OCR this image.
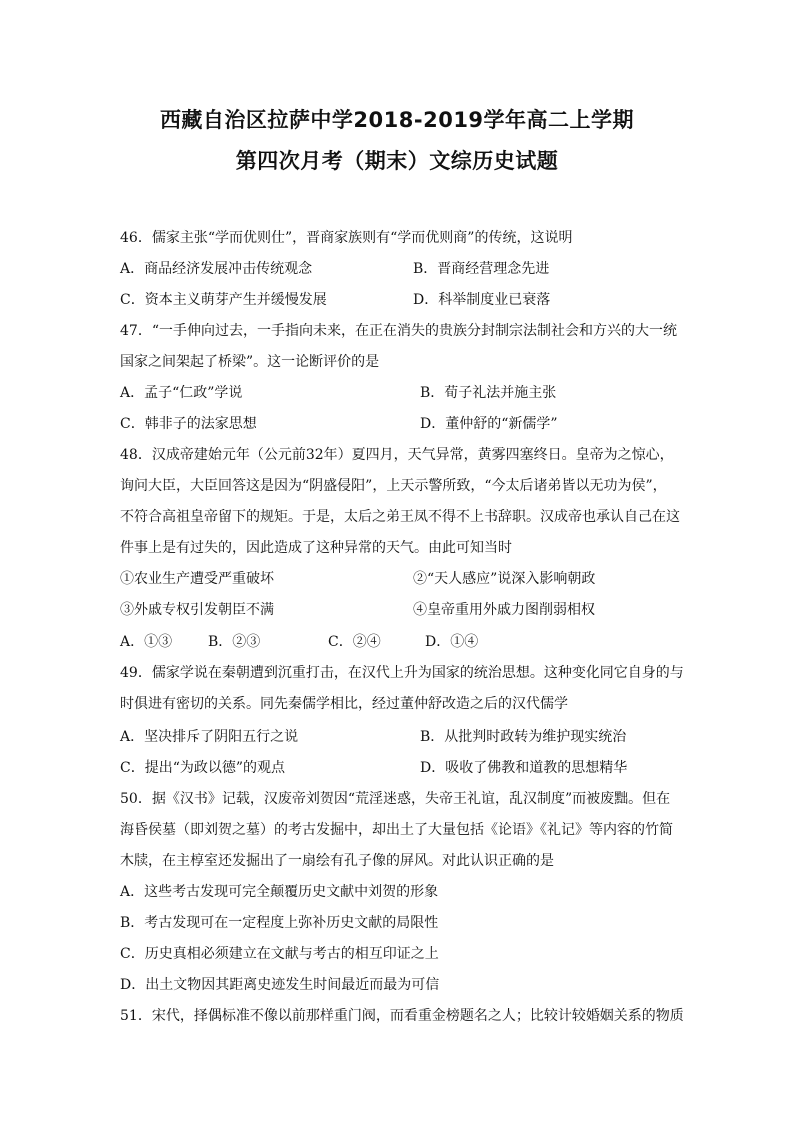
西藏自治区拉萨中学2018-2019学年高二上学期
第四次月考（期末）文综历史试题
46．儒家主张“学而优则仕”，晋商家族则有“学而优则商”的传统，这说明
A．商品经济发展冲击传统观念	B．晋商经营理念先进
C．资本主义萌芽产生并缓慢发展	D．科举制度业已衰落
47．“一手伸向过去，一手指向未来，在正在消失的贵族分封制宗法制社会和方兴的大一统
国家之间架起了桥梁”。这一论断评价的是
A．孟子“仁政”学说	B．荀子礼法并施主张
C．韩非子的法家思想	D．董仲舒的“新儒学”
48．汉成帝建始元年（公元前32年）夏四月，天气异常，黄雾四塞终日。皇帝为之惊心，
询问大臣，大臣回答这是因为“阴盛侵阳”，上天示警所致，“今太后诸弟皆以无功为侯”，
不符合高祖皇帝留下的规矩。于是，太后之弟王凤不得不上书辞职。汉成帝也承认自己在这
件事上是有过失的，因此造成了这种异常的天气。由此可知当时
①农业生产遭受严重破坏	②“天人感应”说深入影响朝政
③外戚专权引发朝臣不满	④皇帝重用外戚力图削弱相权
A．①③	B．②③	C．②④	D．①④
49．儒家学说在秦朝遭到沉重打击，在汉代上升为国家的统治思想。这种变化同它自身的与
时俱进有密切的关系。同先秦儒学相比，经过董仲舒改造之后的汉代儒学
A．坚决排斥了阴阳五行之说	B．从批判时政转为维护现实统治
C．提出“为政以德”的观点	D．吸收了佛教和道教的思想精华
50．据《汉书》记载，汉废帝刘贺因“荒淫迷惑，失帝王礼谊，乱汉制度”而被废黜。但在
海昏侯墓（即刘贺之墓）的考古发掘中，却出土了大量包括《论语》《礼记》等内容的竹简
木牍，在主椁室还发掘出了一扇绘有孔子像的屏风。对此认识正确的是
A．这些考古发现可完全颠覆历史文献中刘贺的形象
B．考古发现可在一定程度上弥补历史文献的局限性
C．历史真相必须建立在文献与考古的相互印证之上
D．出土文物因其距离史迹发生时间最近而最为可信
51．宋代，择偶标准不像以前那样重门阀，而看重金榜题名之人；比较计较婚姻关系的物质
